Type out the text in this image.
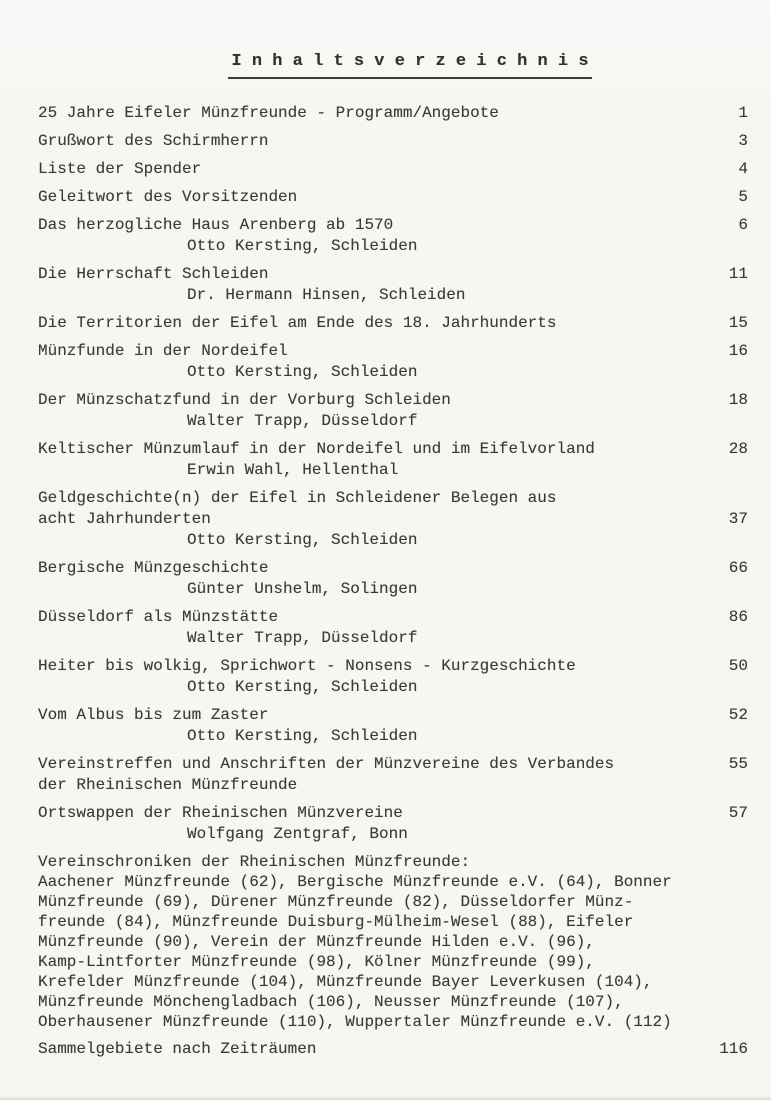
I n h a l t s v e r z e i c h n i s
25 Jahre Eifeler Münzfreunde - Programm/Angebote	1
Grußwort des Schirmherrn	3
Liste der Spender	4
Geleitwort des Vorsitzenden	5
Das herzogliche Haus Arenberg ab 1570	6
Otto Kersting, Schleiden
Die Herrschaft Schleiden	11
Dr. Hermann Hinsen, Schleiden
Die Territorien der Eifel am Ende des 18. Jahrhunderts	15
Münzfunde in der Nordeifel	16
Otto Kersting, Schleiden
Der Münzschatzfund in der Vorburg Schleiden	18
Walter Trapp, Düsseldorf
Keltischer Münzumlauf in der Nordeifel und im Eifelvorland	28
Erwin Wahl, Hellenthal
Geldgeschichte(n) der Eifel in Schleidener Belegen aus
acht Jahrhunderten	37
Otto Kersting, Schleiden
Bergische Münzgeschichte	66
Günter Unshelm, Solingen
Düsseldorf als Münzstätte	86
Walter Trapp, Düsseldorf
Heiter bis wolkig, Sprichwort - Nonsens - Kurzgeschichte	50
Otto Kersting, Schleiden
Vom Albus bis zum Zaster	52
Otto Kersting, Schleiden
Vereinstreffen und Anschriften der Münzvereine des Verbandes	55
der Rheinischen Münzfreunde
Ortswappen der Rheinischen Münzvereine	57
Wolfgang Zentgraf, Bonn
Vereinschroniken der Rheinischen Münzfreunde:
Aachener Münzfreunde (62), Bergische Münzfreunde e.V. (64), Bonner
Münzfreunde (69), Dürener Münzfreunde (82), Düsseldorfer Münz-
freunde (84), Münzfreunde Duisburg-Mülheim-Wesel (88), Eifeler
Münzfreunde (90), Verein der Münzfreunde Hilden e.V. (96),
Kamp-Lintforter Münzfreunde (98), Kölner Münzfreunde (99),
Krefelder Münzfreunde (104), Münzfreunde Bayer Leverkusen (104),
Münzfreunde Mönchengladbach (106), Neusser Münzfreunde (107),
Oberhausener Münzfreunde (110), Wuppertaler Münzfreunde e.V. (112)
Sammelgebiete nach Zeiträumen	116
